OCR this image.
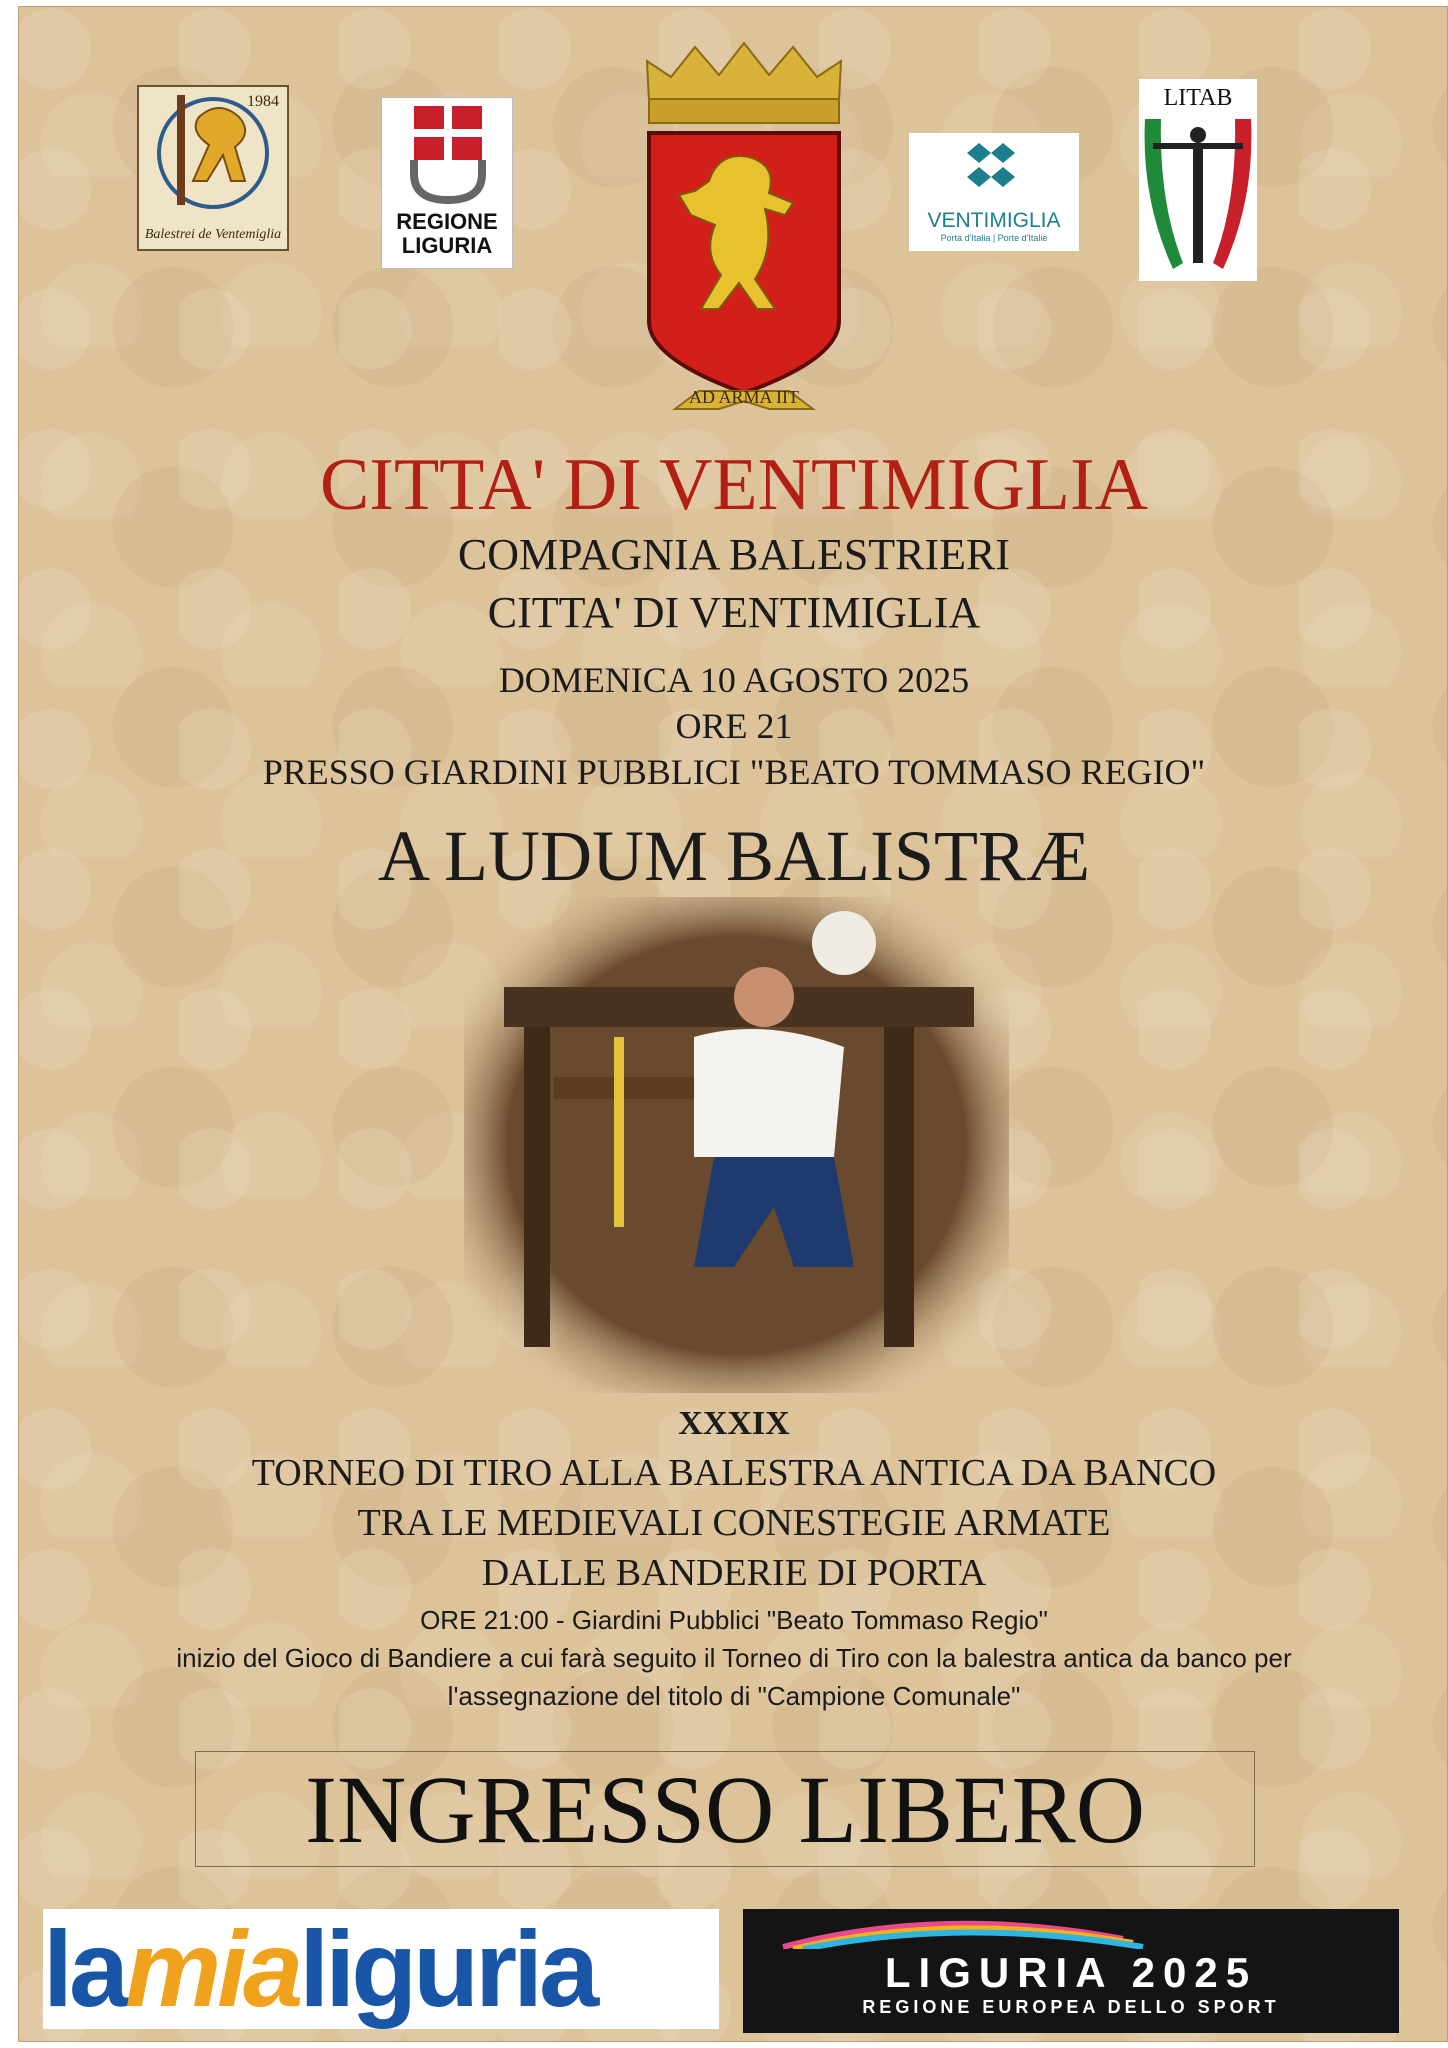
1984
Balestrei de Ventemiglia
REGIONE
LIGURIA
AD ARMA IIT
VENTIMIGLIA
Porta d'Italia | Porte d'Italie
LITAB
CITTA' DI VENTIMIGLIA
COMPAGNIA BALESTRIERI
CITTA' DI VENTIMIGLIA
DOMENICA 10 AGOSTO 2025
ORE 21
PRESSO GIARDINI PUBBLICI "BEATO TOMMASO REGIO"
A LUDUM BALISTRÆ
XXXIX
TORNEO DI TIRO ALLA BALESTRA ANTICA DA BANCO
TRA LE MEDIEVALI CONESTEGIE ARMATE
DALLE BANDERIE DI PORTA
ORE 21:00 - Giardini Pubblici "Beato Tommaso Regio"
inizio del Gioco di Bandiere a cui farà seguito il Torneo di Tiro con la balestra antica da banco per
l'assegnazione del titolo di "Campione Comunale"
INGRESSO LIBERO
lamialiguria	LIGURIA 2025
REGIONE EUROPEA DELLO SPORT
